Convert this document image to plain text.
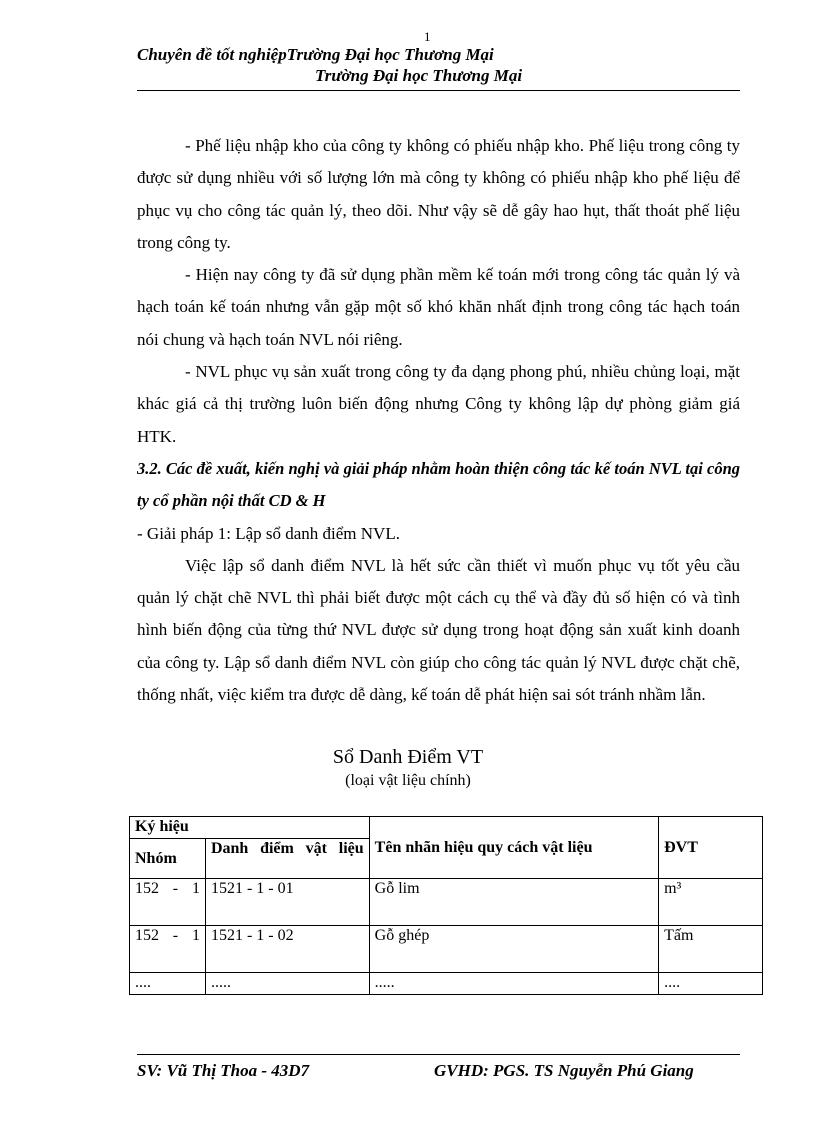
1
Chuyên đề tốt nghiệpTrường Đại học Thương Mại
Trường Đại học Thương Mại

- Phế liệu nhập kho của công ty không có phiếu nhập kho. Phế liệu trong công ty được sử dụng nhiều với số lượng lớn mà công ty không có phiếu nhập kho phế liệu để phục vụ cho công tác quản lý, theo dõi. Như vậy sẽ dễ gây hao hụt, thất thoát phế liệu trong công ty.

- Hiện nay công ty đã sử dụng phần mềm kế toán mới trong công tác quản lý và hạch toán kế toán nhưng vẫn gặp một số khó khăn nhất định trong công tác hạch toán nói chung và hạch toán NVL nói riêng.

- NVL phục vụ sản xuất trong công ty đa dạng phong phú, nhiều chủng loại, mặt khác giá cả thị trường luôn biến động nhưng Công ty không lập dự phòng giảm giá HTK.

3.2. Các đề xuất, kiến nghị và giải pháp nhằm hoàn thiện công tác kế toán NVL tại công ty cổ phần nội thất CD & H

- Giải pháp 1: Lập sổ danh điểm NVL.

Việc lập sổ danh điểm NVL là hết sức cần thiết vì muốn phục vụ tốt yêu cầu quản lý chặt chẽ NVL thì phải biết được một cách cụ thể và đầy đủ số hiện có và tình hình biến động của từng thứ NVL được sử dụng trong hoạt động sản xuất kinh doanh của công ty. Lập sổ danh điểm NVL còn giúp cho công tác quản lý NVL được chặt chẽ, thống nhất, việc kiểm tra được dễ dàng, kế toán dễ phát hiện sai sót tránh nhầm lẫn.

Sổ Danh Điểm VT
(loại vật liệu chính)
Ký hiệu		Tên nhãn hiệu quy cách vật liệu	ĐVT
Nhóm	Danh điểm vật liệu		

152 - 1	1521 - 1 - 01	Gỗ lim	m³

152 - 1	1521 - 1 - 02	Gỗ ghép	Tấm
....	.....	.....	....
SV: Vũ Thị Thoa - 43D7	GVHD: PGS. TS Nguyễn Phú Giang
